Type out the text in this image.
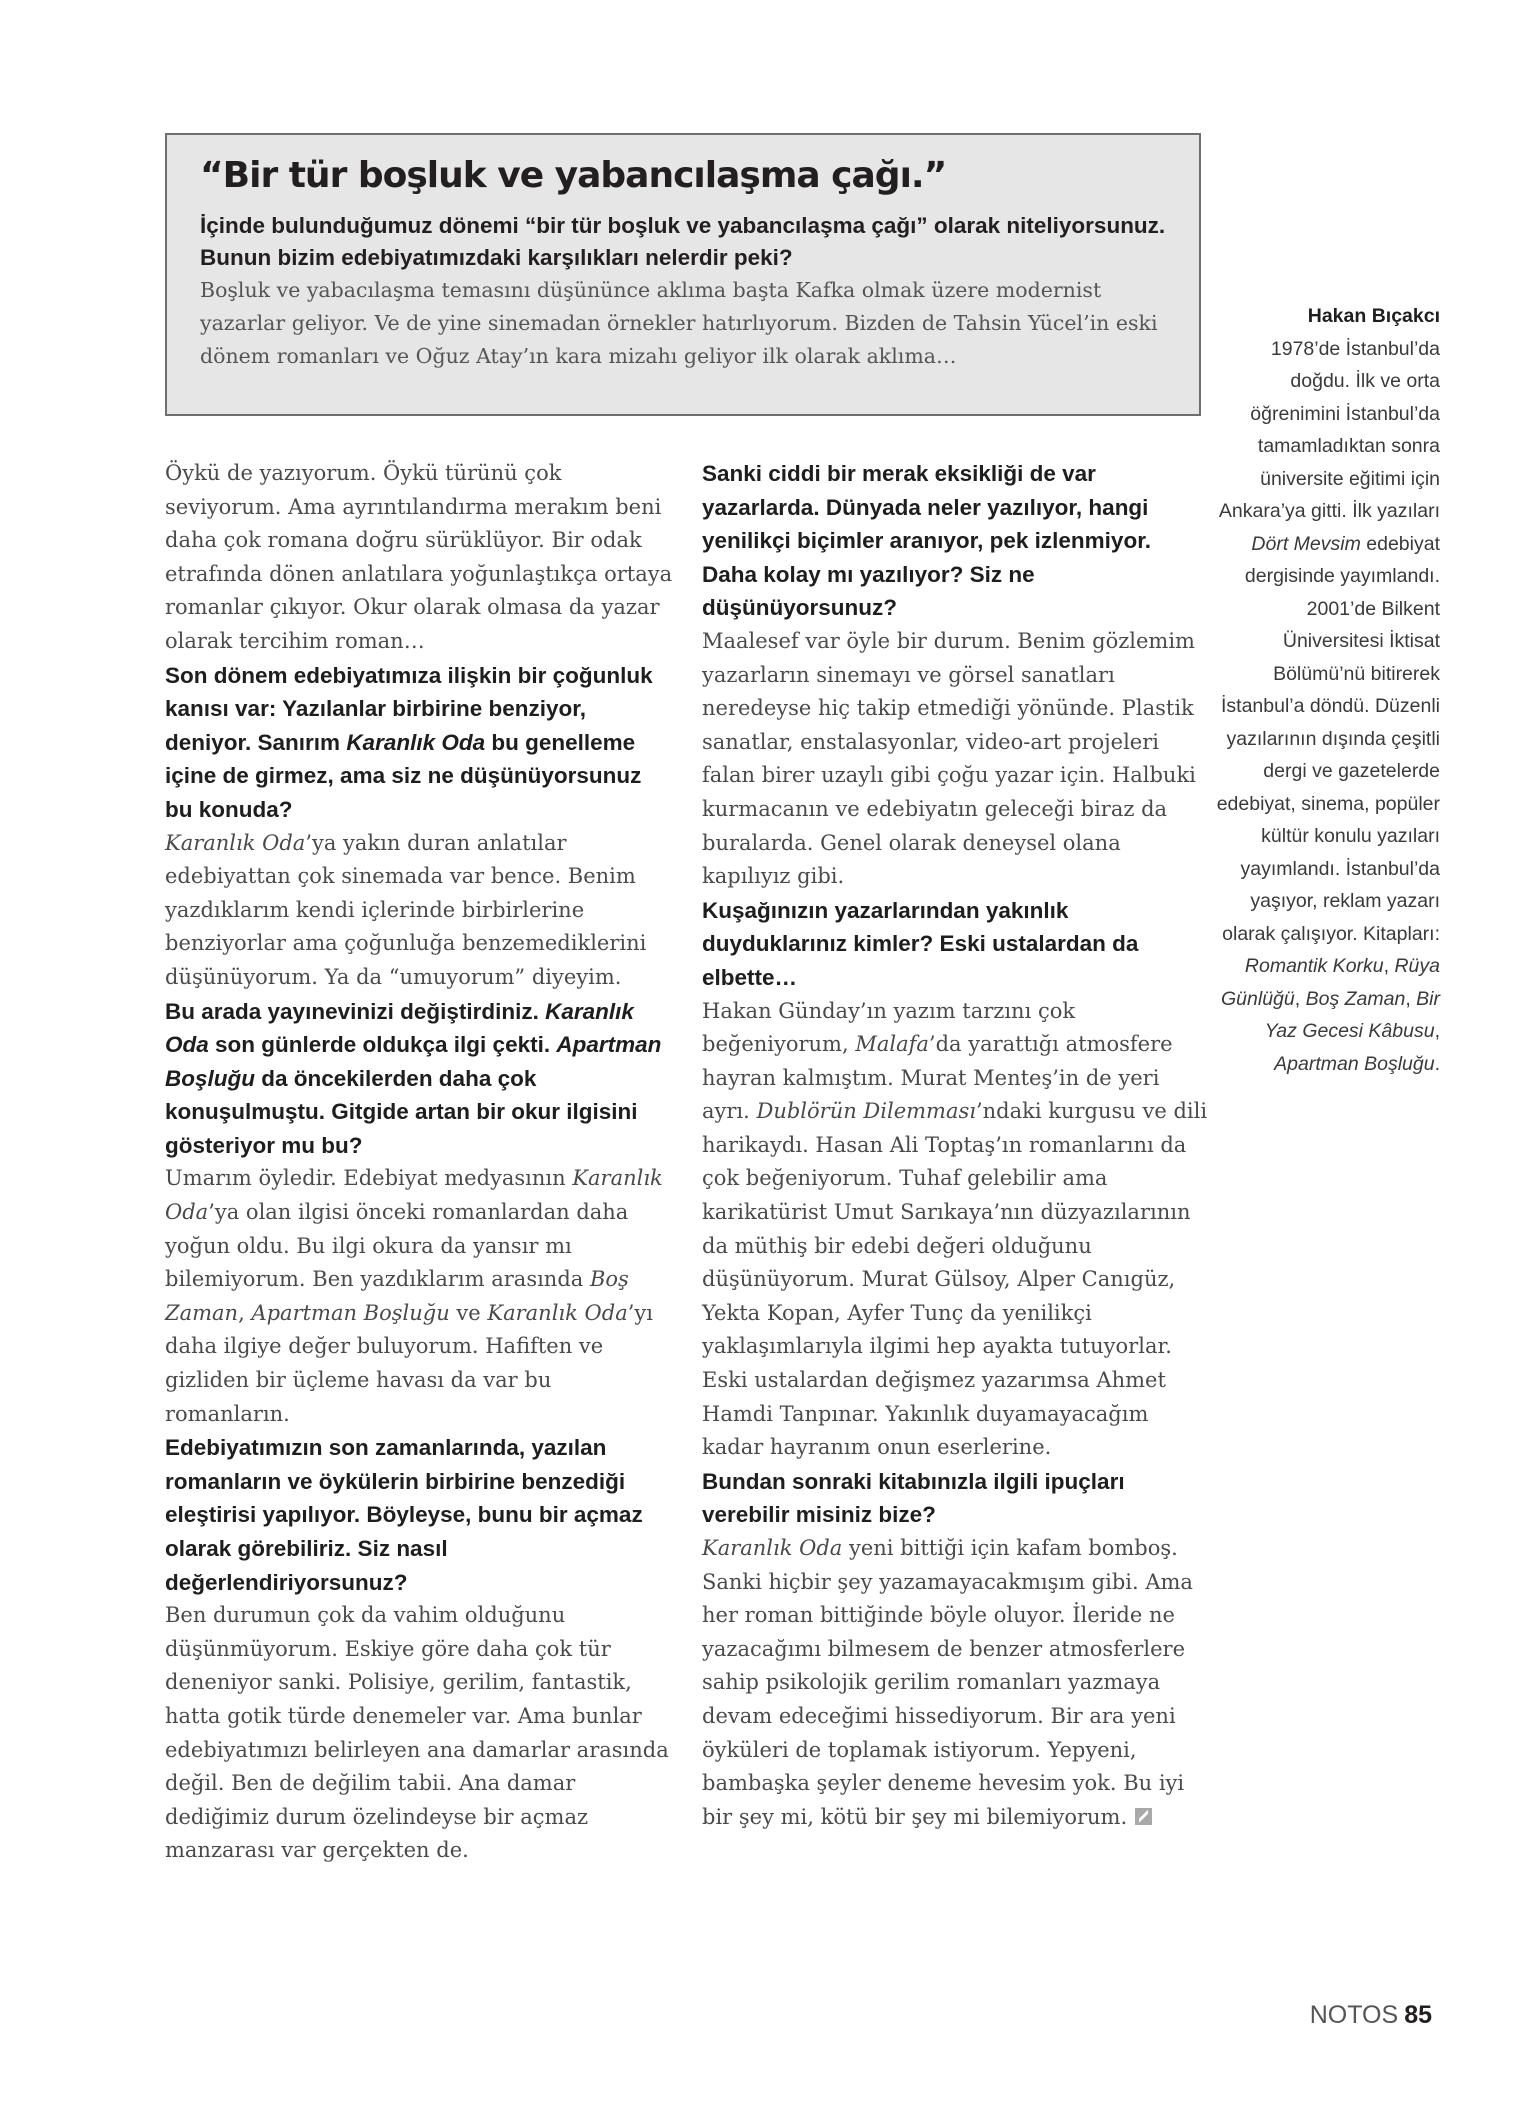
“Bir tür boşluk ve yabancılaşma çağı.”

İçinde bulunduğumuz dönemi “bir tür boşluk ve yabancılaşma çağı” olarak niteliyorsunuz. Bunun bizim edebiyatımızdaki karşılıkları nelerdir peki?

Boşluk ve yabacılaşma temasını düşününce aklıma başta Kafka olmak üzere modernist yazarlar geliyor. Ve de yine sinemadan örnekler hatırlıyorum. Bizden de Tahsin Yücel’in eski dönem romanları ve Oğuz Atay’ın kara mizahı geliyor ilk olarak aklıma…

Öykü de yazıyorum. Öykü türünü çok seviyorum. Ama ayrıntılandırma merakım beni daha çok romana doğru sürüklüyor. Bir odak etrafında dönen anlatılara yoğunlaştıkça ortaya romanlar çıkıyor. Okur olarak olmasa da yazar olarak tercihim roman…

Son dönem edebiyatımıza ilişkin bir çoğunluk kanısı var: Yazılanlar birbirine benziyor, deniyor. Sanırım Karanlık Oda bu genelleme içine de girmez, ama siz ne düşünüyorsunuz bu konuda?

Karanlık Oda’ya yakın duran anlatılar edebiyattan çok sinemada var bence. Benim yazdıklarım kendi içlerinde birbirlerine benziyorlar ama çoğunluğa benzemediklerini düşünüyorum. Ya da “umuyorum” diyeyim.

Bu arada yayınevinizi değiştirdiniz. Karanlık Oda son günlerde oldukça ilgi çekti. Apartman Boşluğu da öncekilerden daha çok konuşulmuştu. Gitgide artan bir okur ilgisini gösteriyor mu bu?

Umarım öyledir. Edebiyat medyasının Karanlık Oda’ya olan ilgisi önceki romanlardan daha yoğun oldu. Bu ilgi okura da yansır mı bilemiyorum. Ben yazdıklarım arasında Boş Zaman, Apartman Boşluğu ve Karanlık Oda’yı daha ilgiye değer buluyorum. Hafiften ve gizliden bir üçleme havası da var bu romanların.

Edebiyatımızın son zamanlarında, yazılan romanların ve öykülerin birbirine benzediği eleştirisi yapılıyor. Böyleyse, bunu bir açmaz olarak görebiliriz. Siz nasıl değerlendiriyorsunuz?

Ben durumun çok da vahim olduğunu düşünmüyorum. Eskiye göre daha çok tür deneniyor sanki. Polisiye, gerilim, fantastik, hatta gotik türde denemeler var. Ama bunlar edebiyatımızı belirleyen ana damarlar arasında değil. Ben de değilim tabii. Ana damar dediğimiz durum özelindeyse bir açmaz manzarası var gerçekten de.

Sanki ciddi bir merak eksikliği de var yazarlarda. Dünyada neler yazılıyor, hangi yenilikçi biçimler aranıyor, pek izlenmiyor. Daha kolay mı yazılıyor? Siz ne düşünüyorsunuz?

Maalesef var öyle bir durum. Benim gözlemim yazarların sinemayı ve görsel sanatları neredeyse hiç takip etmediği yönünde. Plastik sanatlar, enstalasyonlar, video-art projeleri falan birer uzaylı gibi çoğu yazar için. Halbuki kurmacanın ve edebiyatın geleceği biraz da buralarda. Genel olarak deneysel olana kapılıyız gibi.

Kuşağınızın yazarlarından yakınlık duyduklarınız kimler? Eski ustalardan da elbette…

Hakan Günday’ın yazım tarzını çok beğeniyorum, Malafa’da yarattığı atmosfere hayran kalmıştım. Murat Menteş’in de yeri ayrı. Dublörün Dilemması’ndaki kurgusu ve dili harikaydı. Hasan Ali Toptaş’ın romanlarını da çok beğeniyorum. Tuhaf gelebilir ama karikatürist Umut Sarıkaya’nın düzyazılarının da müthiş bir edebi değeri olduğunu düşünüyorum. Murat Gülsoy, Alper Canıgüz, Yekta Kopan, Ayfer Tunç da yenilikçi yaklaşımlarıyla ilgimi hep ayakta tutuyorlar. Eski ustalardan değişmez yazarımsa Ahmet Hamdi Tanpınar. Yakınlık duyamayacağım kadar hayranım onun eserlerine.

Bundan sonraki kitabınızla ilgili ipuçları verebilir misiniz bize?

Karanlık Oda yeni bittiği için kafam bomboş. Sanki hiçbir şey yazamayacakmışım gibi. Ama her roman bittiğinde böyle oluyor. İleride ne yazacağımı bilmesem de benzer atmosferlere sahip psikolojik gerilim romanları yazmaya devam edeceğimi hissediyorum. Bir ara yeni öyküleri de toplamak istiyorum. Yepyeni, bambaşka şeyler deneme hevesim yok. Bu iyi bir şey mi, kötü bir şey mi bilemiyorum.

Hakan Bıçakcı
1978’de İstanbul’da doğdu. İlk ve orta öğrenimini İstanbul’da tamamladıktan sonra üniversite eğitimi için Ankara’ya gitti. İlk yazıları Dört Mevsim edebiyat dergisinde yayımlandı. 2001’de Bilkent Üniversitesi İktisat Bölümü’nü bitirerek İstanbul’a döndü. Düzenli yazılarının dışında çeşitli dergi ve gazetelerde edebiyat, sinema, popüler kültür konulu yazıları yayımlandı. İstanbul’da yaşıyor, reklam yazarı olarak çalışıyor. Kitapları: Romantik Korku, Rüya Günlüğü, Boş Zaman, Bir Yaz Gecesi Kâbusu, Apartman Boşluğu.
NOTOS 85
